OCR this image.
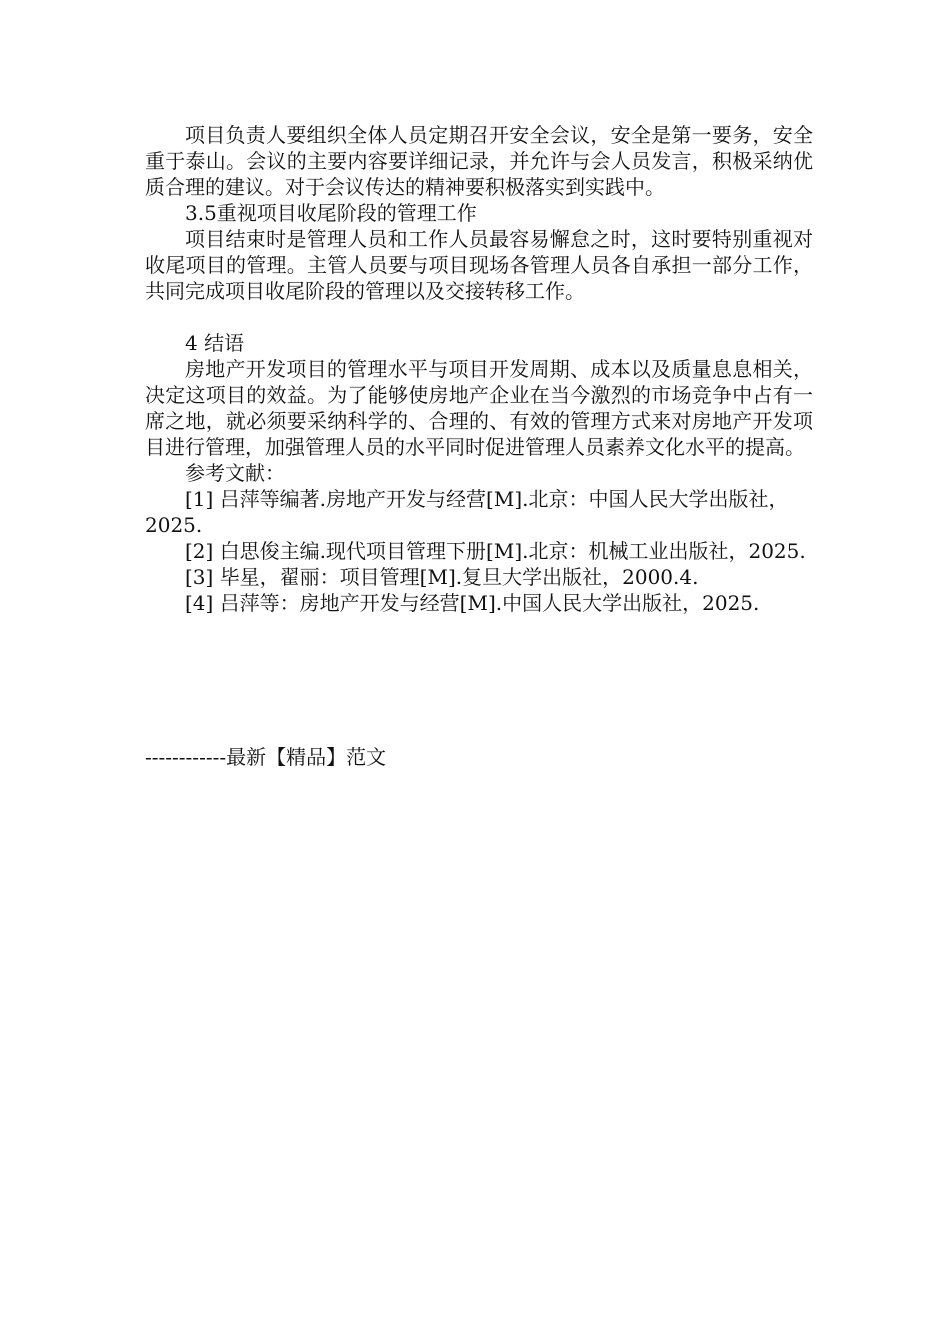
项目负责人要组织全体人员定期召开安全会议，安全是第一要务，安全重于泰山。会议的主要内容要详细记录，并允许与会人员发言，积极采纳优质合理的建议。对于会议传达的精神要积极落实到实践中。

3.5重视项目收尾阶段的管理工作

项目结束时是管理人员和工作人员最容易懈怠之时，这时要特别重视对收尾项目的管理。主管人员要与项目现场各管理人员各自承担一部分工作，共同完成项目收尾阶段的管理以及交接转移工作。

4 结语

房地产开发项目的管理水平与项目开发周期、成本以及质量息息相关，决定这项目的效益。为了能够使房地产企业在当今激烈的市场竞争中占有一席之地，就必须要采纳科学的、合理的、有效的管理方式来对房地产开发项目进行管理，加强管理人员的水平同时促进管理人员素养文化水平的提高。

参考文献：

[1] 吕萍等编著.房地产开发与经营[M].北京：中国人民大学出版社，2025.

[2] 白思俊主编.现代项目管理下册[M].北京：机械工业出版社，2025.

[3] 毕星，翟丽：项目管理[M].复旦大学出版社，2000.4.

[4] 吕萍等：房地产开发与经营[M].中国人民大学出版社，2025.

------------最新【精品】范文
